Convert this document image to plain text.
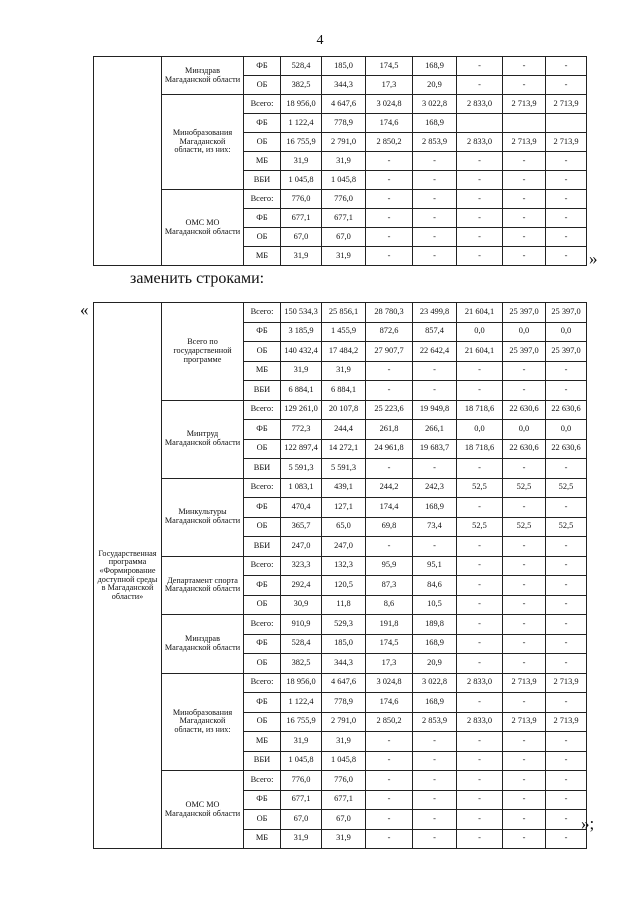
4
	Минздрав Магаданской области	ФБ	528,4	185,0	174,5	168,9	-	-	-
		ОБ	382,5	344,3	17,3	20,9	-	-	-
	Минобразования Магаданской области, из них:	Всего:	18 956,0	4 647,6	3 024,8	3 022,8	2 833,0	2 713,9	2 713,9
		ФБ	1 122,4	778,9	174,6	168,9			
		ОБ	16 755,9	2 791,0	2 850,2	2 853,9	2 833,0	2 713,9	2 713,9
		МБ	31,9	31,9	-	-	-	-	-
		ВБИ	1 045,8	1 045,8	-	-	-	-	-
	ОМС МО Магаданской области	Всего:	776,0	776,0	-	-	-	-	-
		ФБ	677,1	677,1	-	-	-	-	-
		ОБ	67,0	67,0	-	-	-	-	-
		МБ	31,9	31,9	-	-	-	-	- »
заменить строками:
«
Государственная программа «Формирование доступной среды в Магаданской области»	Всего по государственной программе	Всего:	150 534,3	25 856,1	28 780,3	23 499,8	21 604,1	25 397,0	25 397,0
		ФБ	3 185,9	1 455,9	872,6	857,4	0,0	0,0	0,0
		ОБ	140 432,4	17 484,2	27 907,7	22 642,4	21 604,1	25 397,0	25 397,0
		МБ	31,9	31,9	-	-	-	-	-
		ВБИ	6 884,1	6 884,1	-	-	-	-	-
	Минтруд Магаданской области	Всего:	129 261,0	20 107,8	25 223,6	19 949,8	18 718,6	22 630,6	22 630,6
		ФБ	772,3	244,4	261,8	266,1	0,0	0,0	0,0
		ОБ	122 897,4	14 272,1	24 961,8	19 683,7	18 718,6	22 630,6	22 630,6
		ВБИ	5 591,3	5 591,3	-	-	-	-	-
	Минкультуры Магаданской области	Всего:	1 083,1	439,1	244,2	242,3	52,5	52,5	52,5
		ФБ	470,4	127,1	174,4	168,9	-	-	-
		ОБ	365,7	65,0	69,8	73,4	52,5	52,5	52,5
		ВБИ	247,0	247,0	-	-	-	-	-
	Департамент спорта Магаданской области	Всего:	323,3	132,3	95,9	95,1	-	-	-
		ФБ	292,4	120,5	87,3	84,6	-	-	-
		ОБ	30,9	11,8	8,6	10,5	-	-	-
	Минздрав Магаданской области	Всего:	910,9	529,3	191,8	189,8	-	-	-
		ФБ	528,4	185,0	174,5	168,9	-	-	-
		ОБ	382,5	344,3	17,3	20,9	-	-	-
	Минобразования Магаданской области, из них:	Всего:	18 956,0	4 647,6	3 024,8	3 022,8	2 833,0	2 713,9	2 713,9
		ФБ	1 122,4	778,9	174,6	168,9	-	-	-
		ОБ	16 755,9	2 791,0	2 850,2	2 853,9	2 833,0	2 713,9	2 713,9
		МБ	31,9	31,9	-	-	-	-	-
		ВБИ	1 045,8	1 045,8	-	-	-	-	-
	ОМС МО Магаданской области	Всего:	776,0	776,0	-	-	-	-	-
		ФБ	677,1	677,1	-	-	-	-	-
		ОБ	67,0	67,0	-	-	-	-	-
		МБ	31,9	31,9	-	-	-	-	-
»;
